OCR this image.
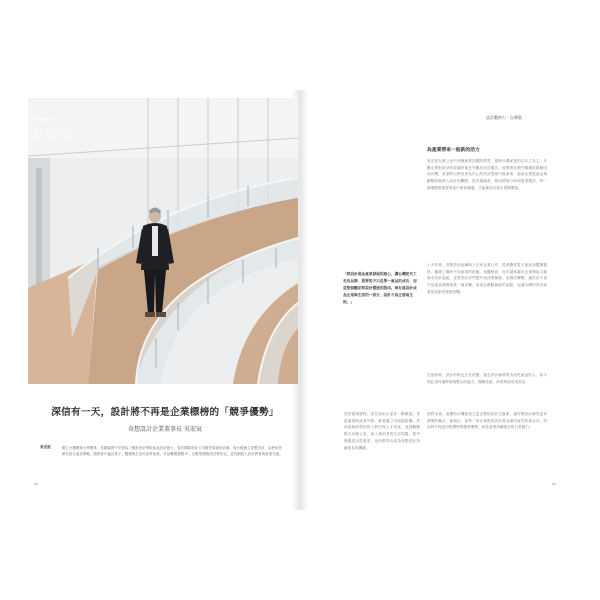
Pioneer
撰文：吳品萱 · 林育緯
攝影：Jason Chang
深信有一天，設計將不再是企業標榜的「競爭優勢」
奇想設計企業董事長 吳宏宸
吳宏宸	國立台灣藝術大學畢業，英國倫敦中央聖馬丁藝術設計學院產品設計碩士，曾於國際設計公司擔任資深設計師，返台後創立奇想設計，以使用者研究結合產品策略，服務客戶遍及電子、醫療與生活用品等產業。作品屢獲德國 iF、紅點等國際設計獎肯定，並長期投入設計教育與產業交流。
68
設計觀察力 · 台灣篇
為產業帶來一股新的活力

吳宏宸在辦公室中回憶創業初期的情景。當時台灣產業仍以代工為主，多數企業對設計的認識停留在外觀美化的層次。他帶著在國外累積的經驗回到台灣，希望將以使用者為中心的設計思維引進產業，協助企業從產品規劃階段就納入設計的觀點。從市場調查、使用情境分析到原型製作，每一個環節都需要與客戶密切溝通，才能讓設計真正發揮價值。

十多年來，奇想設計陸續與上百家企業合作，從消費性電子產品到醫療器材，累積了橫跨不同產業的經驗。他觀察到，近年越來越多企業開始主動尋求設計協助，並將設計部門提升到決策層級。這樣的轉變，讓設計不再只是產品開發最後一個步驟，而成為帶動創新的起點，也讓台灣的設計產業迎來新的發展契機。

在他看來，設計的角色正在改變。過去設計師被視為美化產品的人，如今則必須具備跨領域整合的能力，理解技術、商業與使用者需求。

面對未來，他期盼台灣能建立更完整的設計生態系，讓年輕設計師有更多發揮的舞台。他相信，當每一家企業都把設計視為理所當然的基本功，設計將不再是用來標榜的競爭優勢，而是產業持續進步的日常動力。

「將設計視為產業發展的核心，讓台灣從代工走向品牌，需要的不只是單一產品的成功，而是整個體系對設計價值的認同。唯有當設計成為企業與生活的一部分，設計才真正落地生根。」

回首創業歷程，吳宏宸坦言並非一路順遂。景氣循環與產業外移，都曾讓公司面臨挑戰。然而他始終堅持投入研究與人才培育，並鼓勵團隊走出辦公室，深入使用者的生活現場，從中發掘真正的需求，這份堅持也成為奇想設計持續成長的關鍵。

69
